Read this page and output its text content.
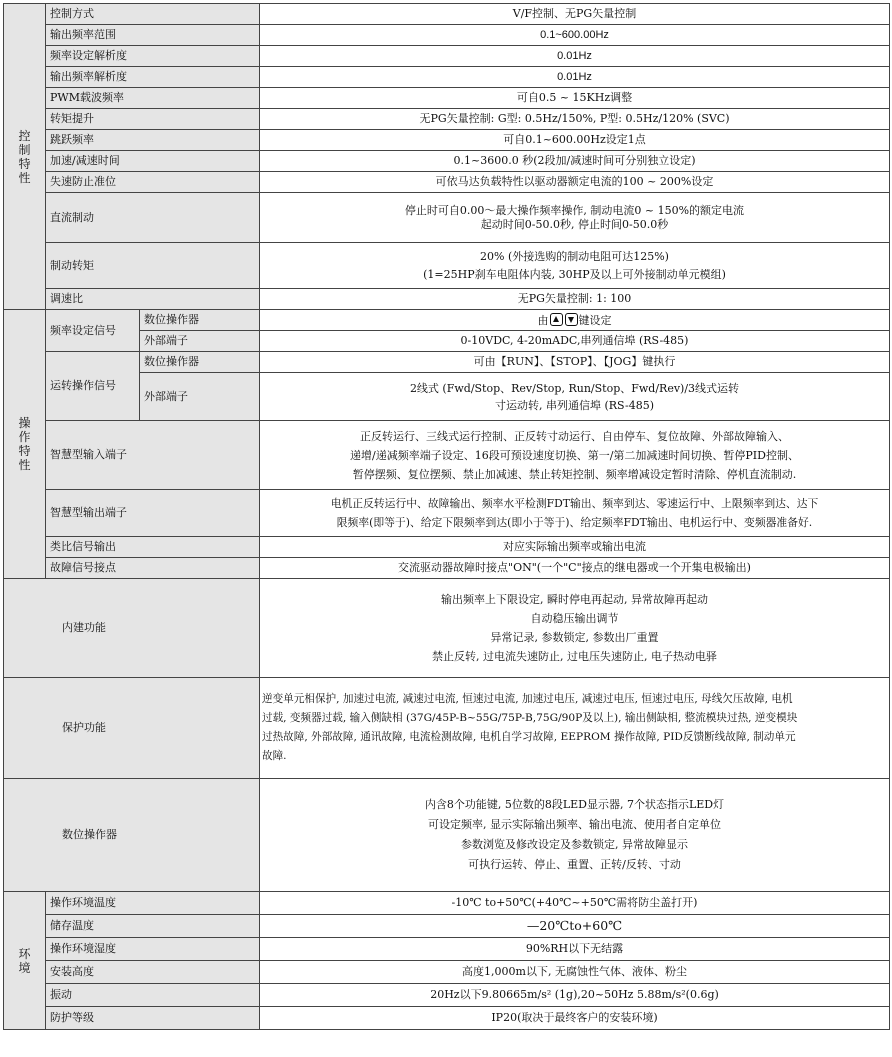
控
制
特
性	控制方式		V/F控制、无PG矢量控制
	输出频率范围		0.1~600.00Hz
	频率设定解析度		0.01Hz
	输出频率解析度		0.01Hz
	PWM载波频率		可自0.5 ~ 15KHz调整
	转矩提升		无PG矢量控制: G型: 0.5Hz/150%, P型: 0.5Hz/120% (SVC)
	跳跃频率		可自0.1~600.00Hz设定1点
	加速/减速时间		0.1~3600.0 秒(2段加/减速时间可分别独立设定)
	失速防止准位		可依马达负载特性以驱动器额定电流的100 ~ 200%设定
	直流制动		停止时可自0.00～最大操作频率操作, 制动电流0 ~ 150%的额定电流
起动时间0-50.0秒, 停止时间0-50.0秒

	制动转矩		20% (外接选购的制动电阻可达125%)
(1=25HP刹车电阻体内装, 30HP及以上可外接制动单元模组)

	调速比		无PG矢量控制: 1: 100
操
作
特
性	频率设定信号	数位操作器	由 键设定
		外部端子	0-10VDC, 4-20mADC,串列通信埠 (RS-485)
	运转操作信号	数位操作器	可由【RUN】、【STOP】、【JOG】键执行
		外部端子	2线式 (Fwd/Stop、Rev/Stop, Run/Stop、Fwd/Rev)/3线式运转
寸运动转, 串列通信埠 (RS-485)

	智慧型输入端子		正反转运行、三线式运行控制、正反转寸动运行、自由停车、复位故障、外部故障输入、
递增/递减频率端子设定、16段可预设速度切换、第一/第二加减速时间切换、暂停PID控制、
暂停摆频、复位摆频、禁止加减速、禁止转矩控制、频率增减设定暂时清除、停机直流制动.

	智慧型输出端子		电机正反转运行中、故障输出、频率水平检测FDT输出、频率到达、零速运行中、上限频率到达、达下
限频率(即等于)、给定下限频率到达(即小于等于)、给定频率FDT输出、电机运行中、变频器准备好.

	类比信号输出		对应实际输出频率或输出电流
	故障信号接点		交流驱动器故障时接点"ON"(一个"C"接点的继电器或一个开集电极输出)
内建功能			输出频率上下限设定, 瞬时停电再起动, 异常故障再起动
自动稳压输出调节
异常记录, 参数锁定, 参数出厂重置
禁止反转, 过电流失速防止, 过电压失速防止, 电子热动电驿

保护功能			逆变单元相保护, 加速过电流, 减速过电流, 恒速过电流, 加速过电压, 减速过电压, 恒速过电压, 母线欠压故障, 电机
过载, 变频器过载, 输入侧缺相 (37G/45P-B~55G/75P-B,75G/90P及以上), 输出侧缺相, 整流模块过热, 逆变模块
过热故障, 外部故障, 通讯故障, 电流检测故障, 电机自学习故障, EEPROM 操作故障, PID反馈断线故障, 制动单元
故障.

数位操作器			内含8个功能键, 5位数的8段LED显示器, 7个状态指示LED灯
可设定频率, 显示实际输出频率、输出电流、使用者自定单位
参数浏览及修改设定及参数锁定, 异常故障显示
可执行运转、停止、重置、正转/反转、寸动

环
境	操作环境温度		-10℃ to+50℃(+40℃~+50℃需将防尘盖打开)
	储存温度		—20℃to+60℃
	操作环境湿度		90%RH以下无结露
	安装高度		高度1,000m以下, 无腐蚀性气体、液体、粉尘
	振动		20Hz以下9.80665m/s² (1g),20~50Hz 5.88m/s²(0.6g)
	防护等级		IP20(取决于最终客户的安装环境)
